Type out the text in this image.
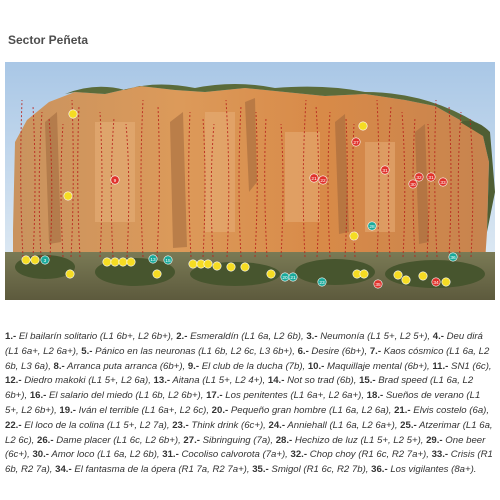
Sector Peñeta
3
9
13 15
21 22
20 21
23
27
28
31
30
32 31
33
34
35
36

1.- El bailarín solitario (L1 6b+, L2 6b+), 2.- Esmeraldín (L1 6a, L2 6b), 3.- Neumonía (L1 5+, L2 5+), 4.- Deu dirá (L1 6a+, L2 6a+), 5.- Pánico en las neuronas (L1 6b, L2 6c, L3 6b+), 6.- Desire (6b+), 7.- Kaos cósmico (L1 6a, L2 6b, L3 6a), 8.- Arranca puta arranca (6b+), 9.- El club de la ducha (7b), 10.- Maquillaje mental (6b+), 11.- SN1 (6c), 12.- Diedro makoki (L1 5+, L2 6a), 13.- Aitana (L1 5+, L2 4+), 14.- Not so trad (6b), 15.- Brad speed (L1 6a, L2 6b+), 16.- El salario del miedo (L1 6b, L2 6b+), 17.- Los penitentes (L1 6a+, L2 6a+), 18.- Sueños de verano (L1 5+, L2 6b+), 19.- Iván el terrible (L1 6a+, L2 6c), 20.- Pequeño gran hombre (L1 6a, L2 6a), 21.- Elvis costelo (6a), 22.- El loco de la colina (L1 5+, L2 7a), 23.- Think drink (6c+), 24.- Anniehall (L1 6a, L2 6a+), 25.- Atzerimar (L1 6a, L2 6c), 26.- Dame placer (L1 6c, L2 6b+), 27.- Sibringuing (7a), 28.- Hechizo de luz (L1 5+, L2 5+), 29.- One beer (6c+), 30.- Amor loco (L1 6a, L2 6b), 31.- Cocoliso calvorota (7a+), 32.- Chop choy (R1 6c, R2 7a+), 33.- Crisis (R1 6b, R2 7a), 34.- El fantasma de la ópera (R1 7a, R2 7a+), 35.- Smigol (R1 6c, R2 7b), 36.- Los vigilantes (8a+).
